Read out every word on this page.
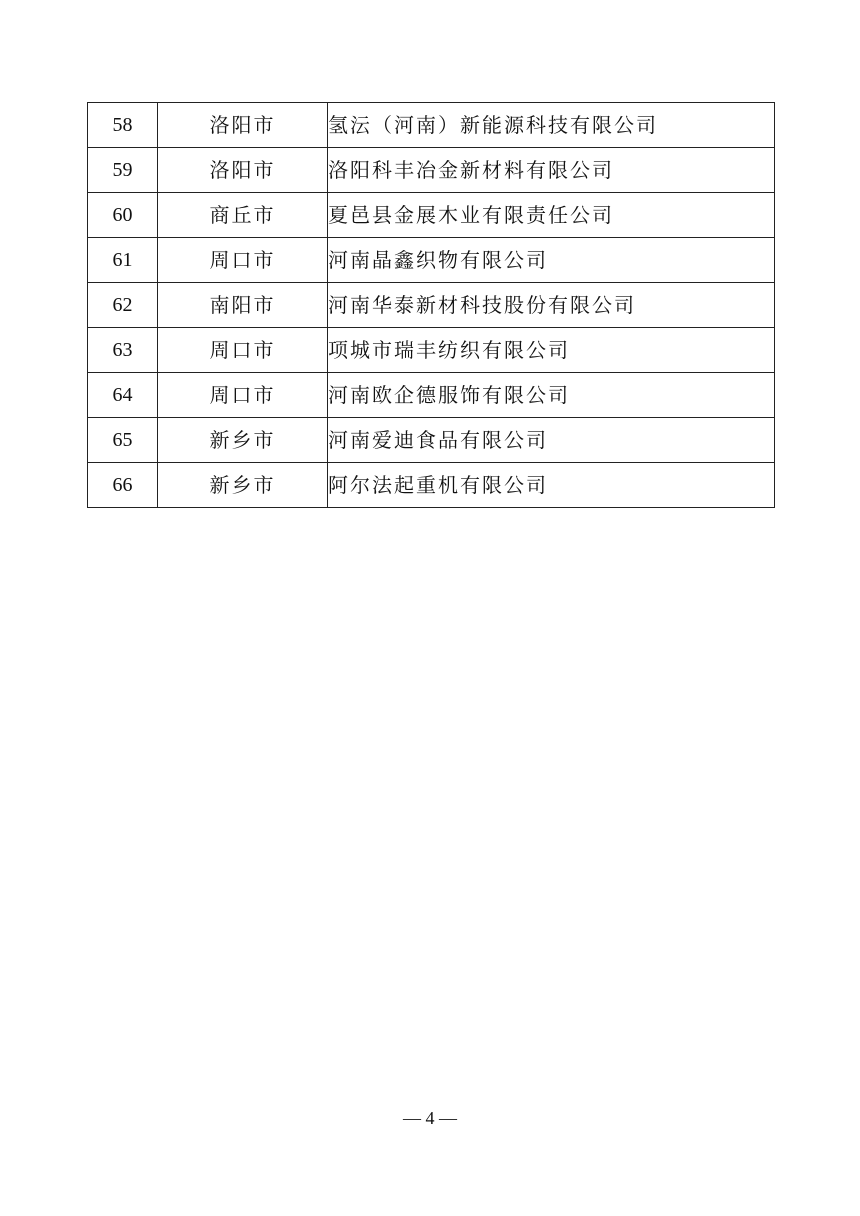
58	洛阳市	氢沄（河南）新能源科技有限公司
59	洛阳市	洛阳科丰冶金新材料有限公司
60	商丘市	夏邑县金展木业有限责任公司
61	周口市	河南晶鑫织物有限公司
62	南阳市	河南华泰新材科技股份有限公司
63	周口市	项城市瑞丰纺织有限公司
64	周口市	河南欧企德服饰有限公司
65	新乡市	河南爱迪食品有限公司
66	新乡市	阿尔法起重机有限公司
— 4 —
